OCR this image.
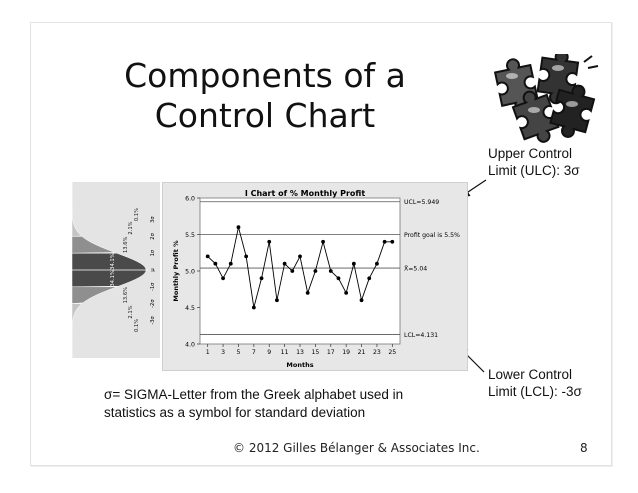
Components of a
Control Chart
Upper Control
Limit (ULC): 3σ
Lower Control
Limit (LCL): -3σ
0.1%
2.1%
13.6%
34.1%
34.1%
13.6%
2.1%
0.1%
-3σ
-2σ
-1σ
μ
1σ
2σ
3σ
I Chart of % Monthly Profit
UCL=5.949
Profit goal is 5.5%
X̄=5.04
LCL=4.131
4.0
4.5
5.0
5.5
6.0
1 3 5 7 9 11 13 15 17 19 21 23 25
Months
Monthly Profit %

σ= SIGMA-Letter from the Greek alphabet used in

statistics as a symbol for standard deviation

© 2012 Gilles Bélanger & Associates Inc.	8
